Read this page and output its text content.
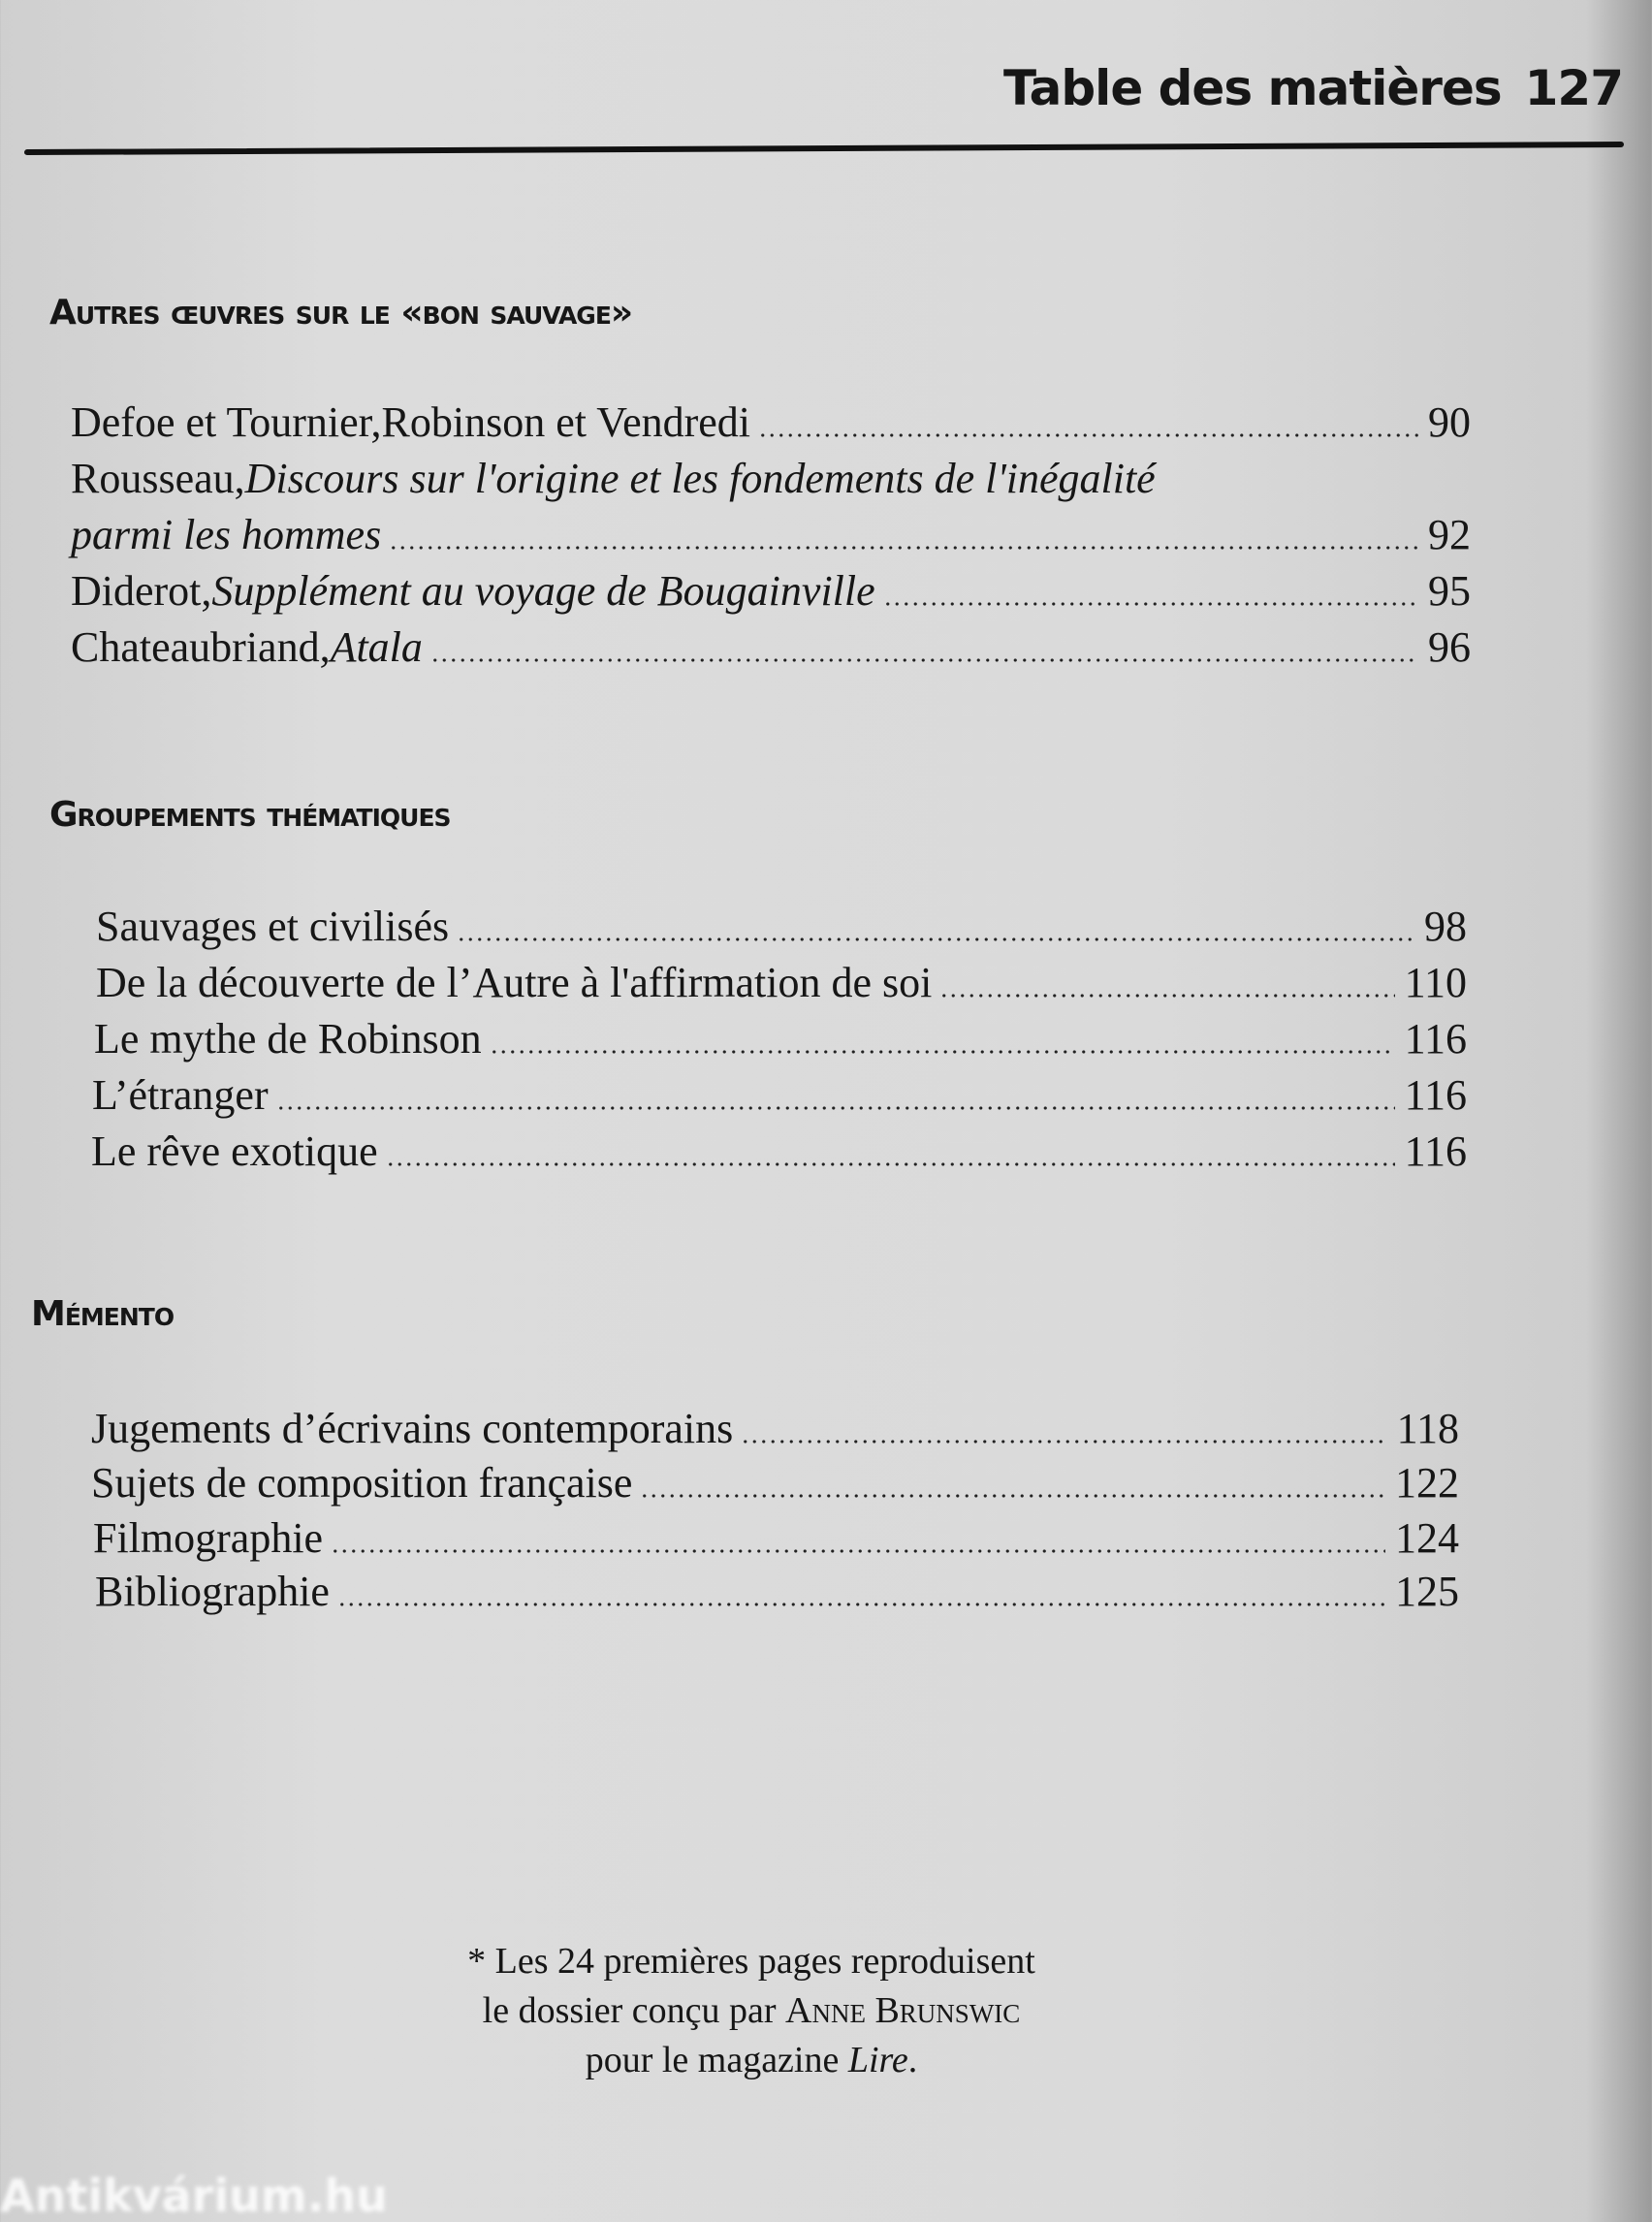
Table des matières 127
Autres œuvres sur le «bon sauvage»
Defoe et Tournier, Robinson et Vendredi	90
Rousseau, Discours sur l'origine et les fondements de l'inégalité
parmi les hommes	92
Diderot, Supplément au voyage de Bougainville	95
Chateaubriand, Atala	96
Groupements thématiques
Sauvages et civilisés	98
De la découverte de l’Autre à l'affirmation de soi	110
Le mythe de Robinson	116
L’étranger	116
Le rêve exotique	116
Mémento
Jugements d’écrivains contemporains	118
Sujets de composition française	122
Filmographie	124
Bibliographie	125
* Les 24 premières pages reproduisent
le dossier conçu par Anne Brunswic
pour le magazine Lire.
Antikvárium.hu
